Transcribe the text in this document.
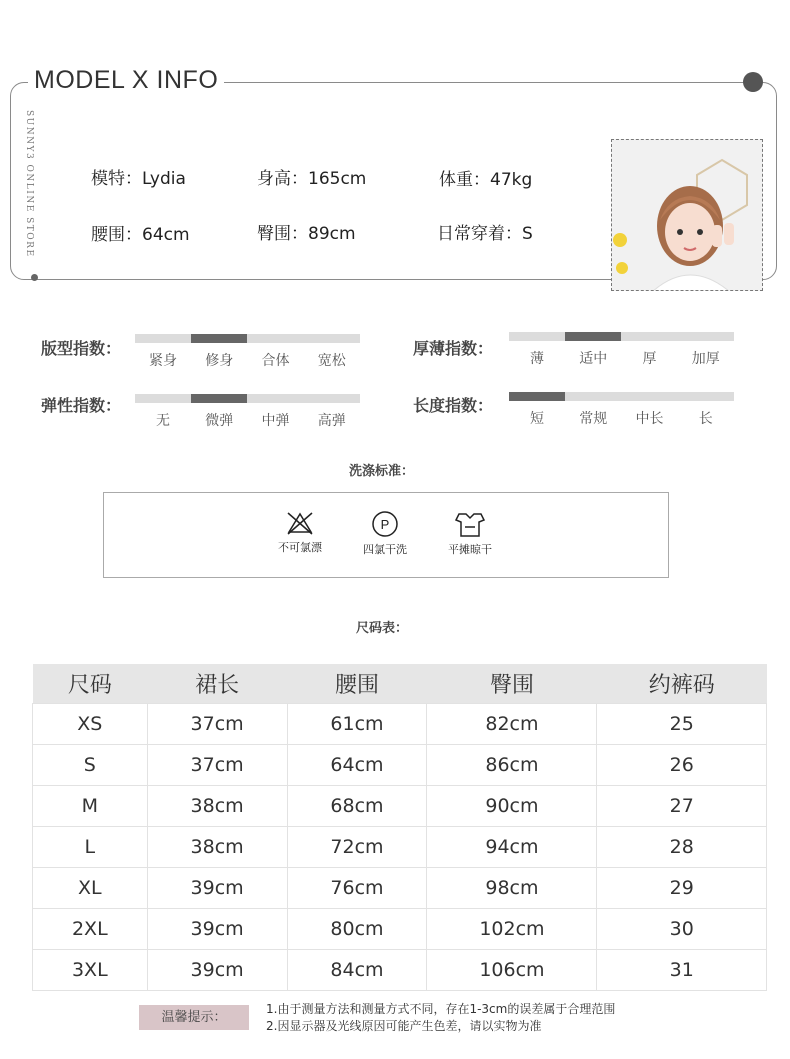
MODEL X INFO
SUNNY3 ONLINE STORE	模特：Lydia	身高：165cm	体重：47kg
腰围：64cm	臀围：89cm	日常穿着：S
版型指数：
紧身	修身	合体	宽松
厚薄指数：
薄	适中	厚	加厚
弹性指数：
无	微弹	中弹	高弹
长度指数：
短	常规	中长	长
洗涤标准：
不可氯漂
P
四氯干洗	平摊晾干
尺码表：
尺码	裙长	腰围	臀围	约裤码
XS	37cm	61cm	82cm	25
S	37cm	64cm	86cm	26
M	38cm	68cm	90cm	27
L	38cm	72cm	94cm	28
XL	39cm	76cm	98cm	29
2XL	39cm	80cm	102cm	30
3XL	39cm	84cm	106cm	31
温馨提示：
1.由于测量方法和测量方式不同，存在1-3cm的误差属于合理范围
2.因显示器及光线原因可能产生色差，请以实物为准
